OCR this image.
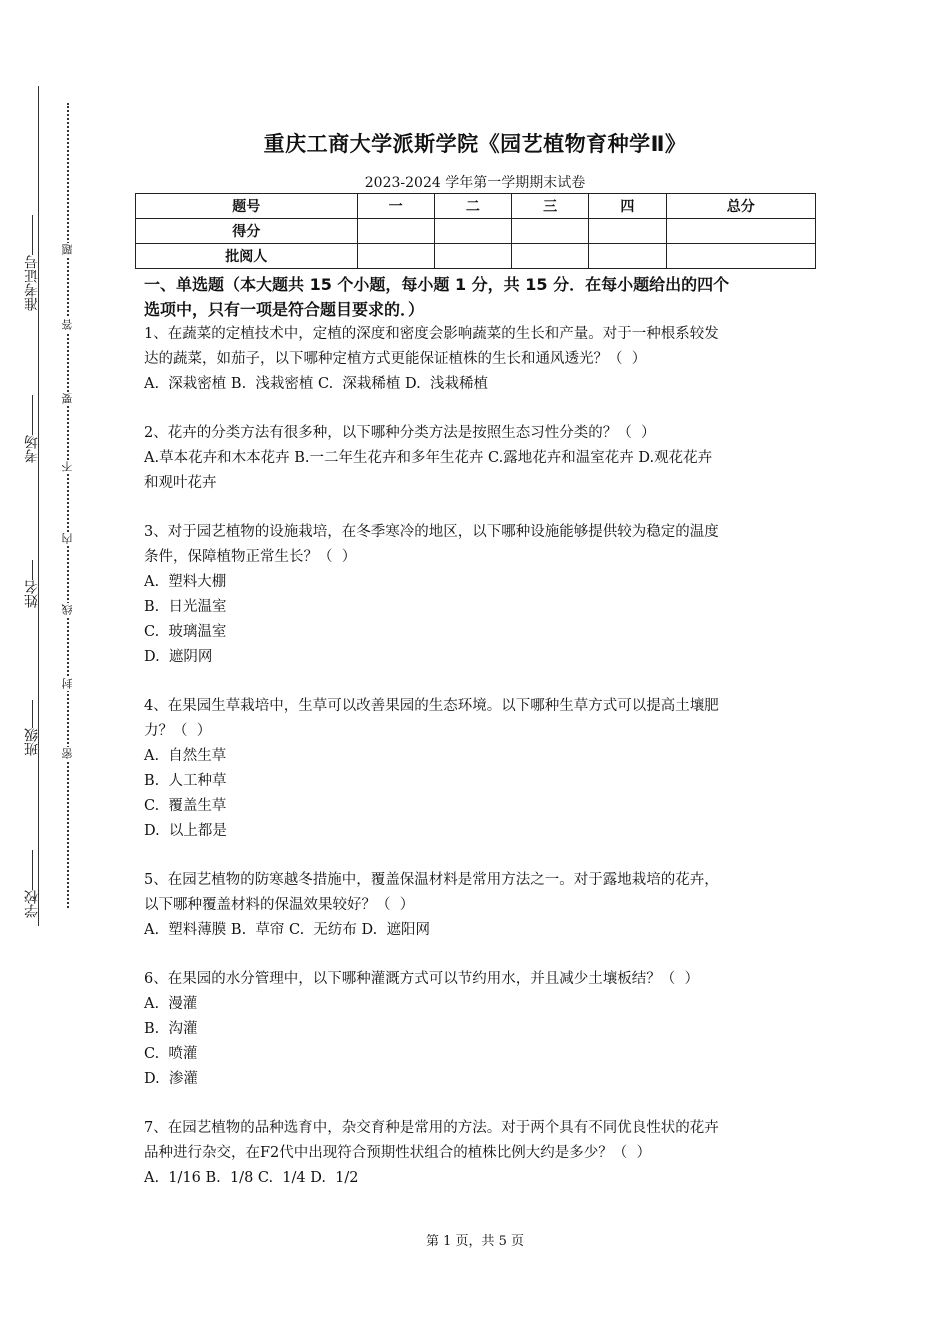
学校
班级
姓名
考场
准考证号
题
答
要
不
内
线
封
密
重庆工商大学派斯学院《园艺植物育种学Ⅱ》
2023-2024 学年第一学期期末试卷
题号	一	二	三	四	总分
得分					
批阅人					
一、单选题（本大题共 15 个小题，每小题 1 分，共 15 分．在每小题给出的四个
选项中，只有一项是符合题目要求的．）
1、在蔬菜的定植技术中，定植的深度和密度会影响蔬菜的生长和产量。对于一种根系较发
达的蔬菜，如茄子，以下哪种定植方式更能保证植株的生长和通风透光？（  ）
A.  深栽密植 B.  浅栽密植 C.  深栽稀植 D.  浅栽稀植
2、花卉的分类方法有很多种，以下哪种分类方法是按照生态习性分类的？（  ）
A.草本花卉和木本花卉 B.一二年生花卉和多年生花卉 C.露地花卉和温室花卉 D.观花花卉
和观叶花卉
3、对于园艺植物的设施栽培，在冬季寒冷的地区，以下哪种设施能够提供较为稳定的温度
条件，保障植物正常生长？（  ）
A.  塑料大棚
B.  日光温室
C.  玻璃温室
D.  遮阴网
4、在果园生草栽培中，生草可以改善果园的生态环境。以下哪种生草方式可以提高土壤肥
力？（  ）
A.  自然生草
B.  人工种草
C.  覆盖生草
D.  以上都是
5、在园艺植物的防寒越冬措施中，覆盖保温材料是常用方法之一。对于露地栽培的花卉，
以下哪种覆盖材料的保温效果较好？（  ）
A.  塑料薄膜 B.  草帘 C.  无纺布 D.  遮阳网
6、在果园的水分管理中，以下哪种灌溉方式可以节约用水，并且减少土壤板结？（  ）
A.  漫灌
B.  沟灌
C.  喷灌
D.  渗灌
7、在园艺植物的品种选育中，杂交育种是常用的方法。对于两个具有不同优良性状的花卉
品种进行杂交，在F2代中出现符合预期性状组合的植株比例大约是多少？（  ）
A.  1/16 B.  1/8 C.  1/4 D.  1/2
第 1 页，共 5 页
